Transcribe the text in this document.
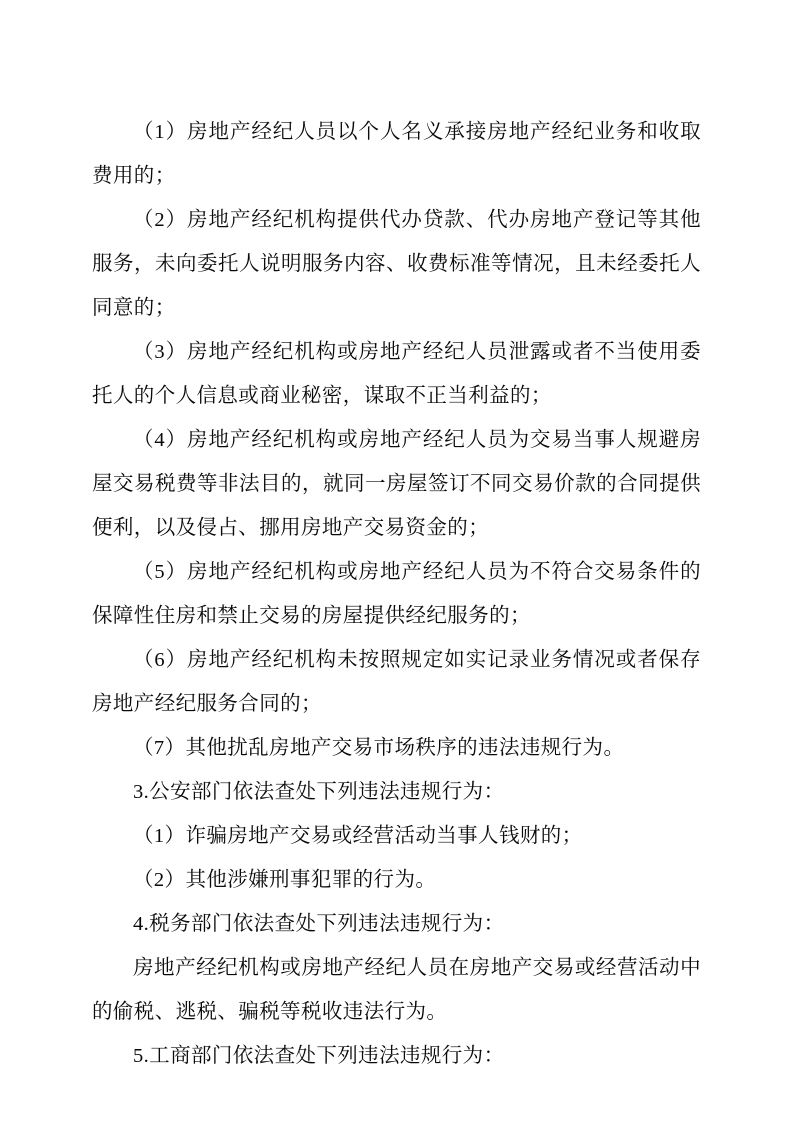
（1）房地产经纪人员以个人名义承接房地产经纪业务和收取费用的；

（2）房地产经纪机构提供代办贷款、代办房地产登记等其他服务，未向委托人说明服务内容、收费标准等情况，且未经委托人同意的；

（3）房地产经纪机构或房地产经纪人员泄露或者不当使用委托人的个人信息或商业秘密，谋取不正当利益的；

（4）房地产经纪机构或房地产经纪人员为交易当事人规避房屋交易税费等非法目的，就同一房屋签订不同交易价款的合同提供便利，以及侵占、挪用房地产交易资金的；

（5）房地产经纪机构或房地产经纪人员为不符合交易条件的保障性住房和禁止交易的房屋提供经纪服务的；

（6）房地产经纪机构未按照规定如实记录业务情况或者保存房地产经纪服务合同的；

（7）其他扰乱房地产交易市场秩序的违法违规行为。

3.公安部门依法查处下列违法违规行为：

（1）诈骗房地产交易或经营活动当事人钱财的；

（2）其他涉嫌刑事犯罪的行为。

4.税务部门依法查处下列违法违规行为：

房地产经纪机构或房地产经纪人员在房地产交易或经营活动中的偷税、逃税、骗税等税收违法行为。

5.工商部门依法查处下列违法违规行为：
